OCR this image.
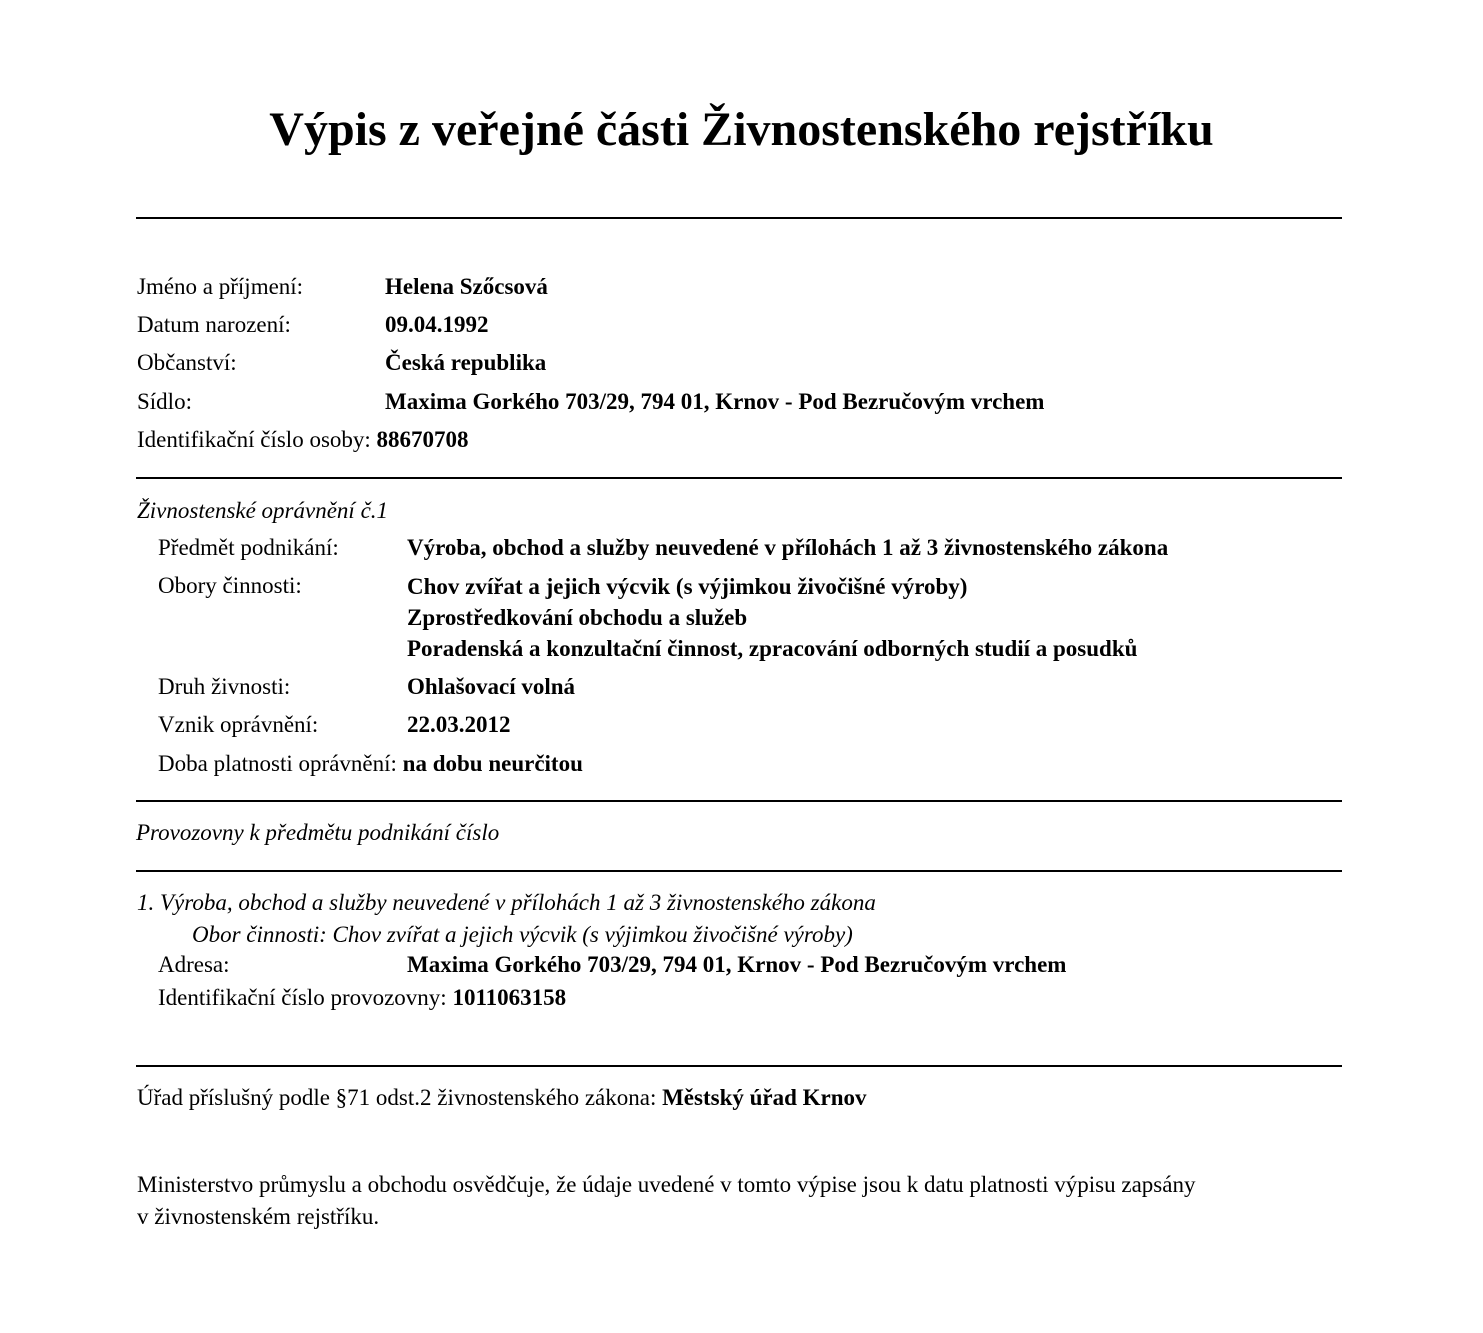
Výpis z veřejné části Živnostenského rejstříku
Jméno a příjmení:	Helena Szőcsová
Datum narození:	09.04.1992
Občanství:	Česká republika
Sídlo:	Maxima Gorkého 703/29, 794 01, Krnov - Pod Bezručovým vrchem
Identifikační číslo osoby: 88670708
Živnostenské oprávnění č.1
Předmět podnikání:	Výroba, obchod a služby neuvedené v přílohách 1 až 3 živnostenského zákona
Obory činnosti:	Chov zvířat a jejich výcvik (s výjimkou živočišné výroby)
Zprostředkování obchodu a služeb
Poradenská a konzultační činnost, zpracování odborných studií a posudků
Druh živnosti:	Ohlašovací volná
Vznik oprávnění:	22.03.2012
Doba platnosti oprávnění: na dobu neurčitou
Provozovny k předmětu podnikání číslo
1. Výroba, obchod a služby neuvedené v přílohách 1 až 3 živnostenského zákona
Obor činnosti: Chov zvířat a jejich výcvik (s výjimkou živočišné výroby)
Adresa:	Maxima Gorkého 703/29, 794 01, Krnov - Pod Bezručovým vrchem
Identifikační číslo provozovny: 1011063158
Úřad příslušný podle §71 odst.2 živnostenského zákona: Městský úřad Krnov
Ministerstvo průmyslu a obchodu osvědčuje, že údaje uvedené v tomto výpise jsou k datu platnosti výpisu zapsány
v živnostenském rejstříku.
